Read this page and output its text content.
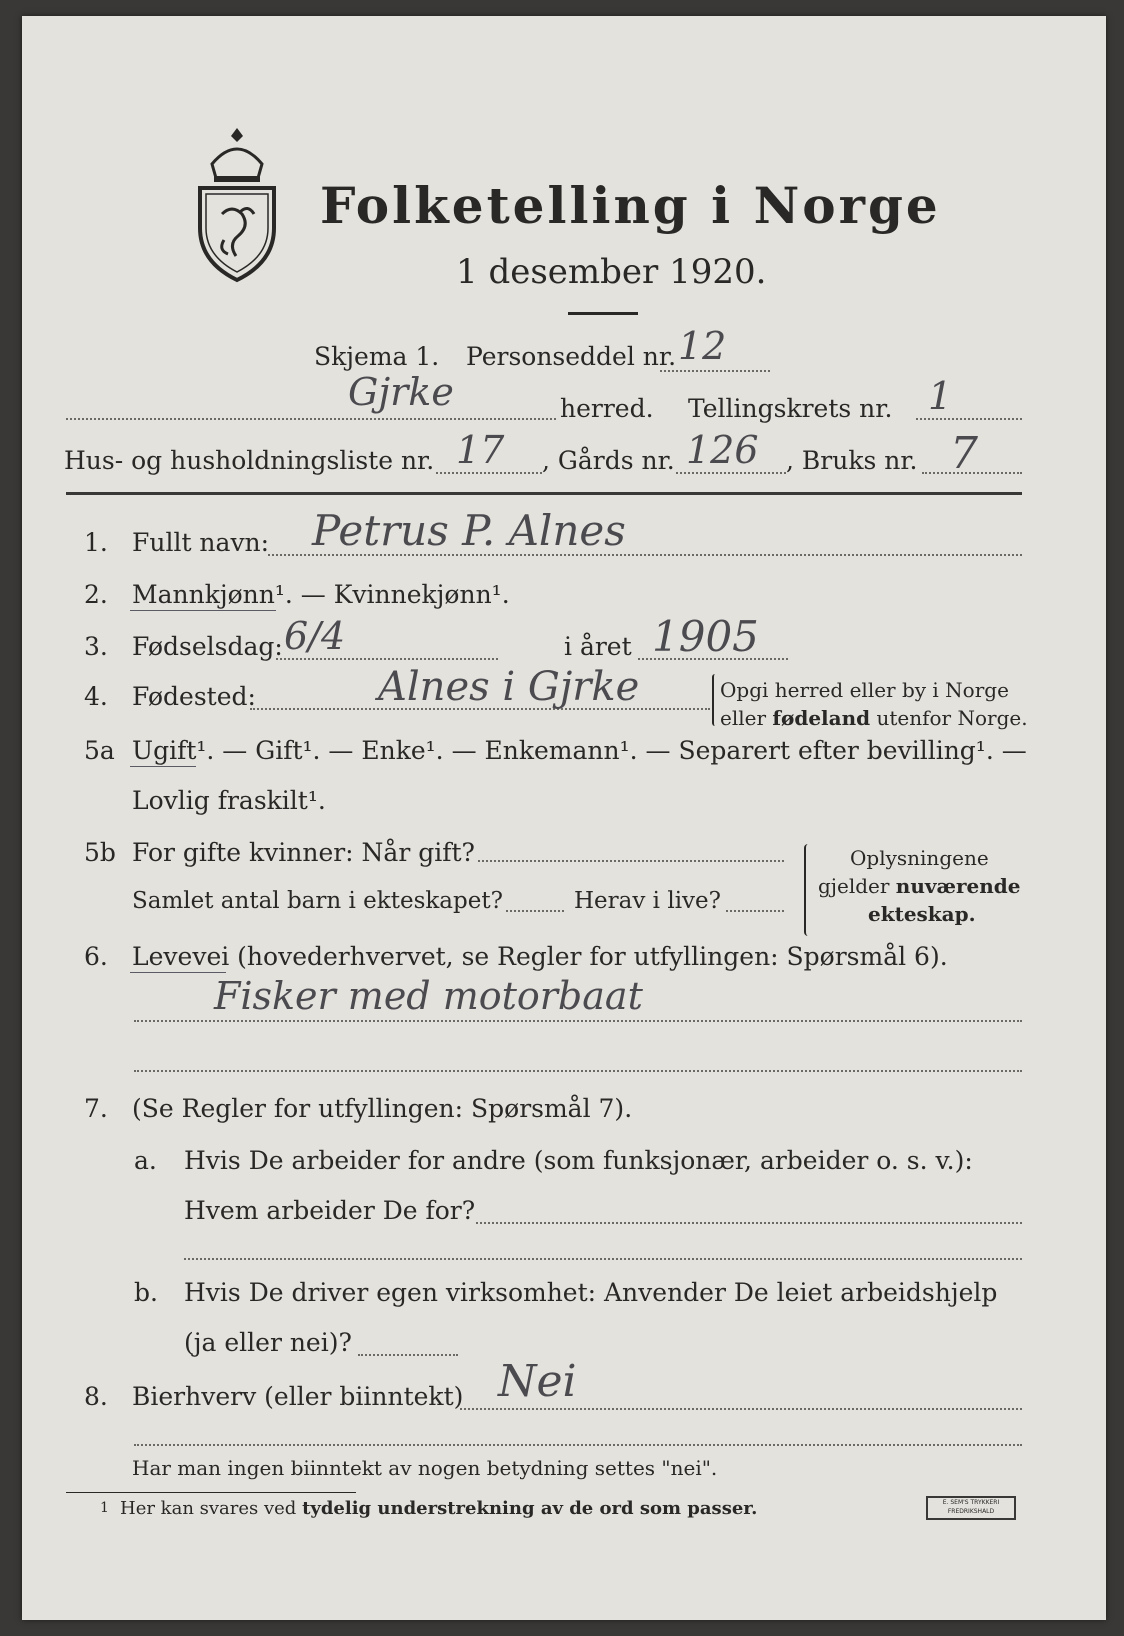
Folketelling i Norge
1 desember 1920.
Skjema 1. Personseddel nr. 12
Gjrke	herred. Tellingskrets nr. 1
Hus- og husholdningsliste nr. 17 , Gårds nr. 126 , Bruks nr. 7
1. Fullt navn: Petrus P. Alnes
2. Mannkjønn¹. — Kvinnekjønn¹.
3. Fødselsdag: 6/4	i året 1905
4. Fødested:	Alnes i Gjrke	Opgi herred eller by i Norge
eller fødeland utenfor Norge.
5a Ugift¹. — Gift¹. — Enke¹. — Enkemann¹. — Separert efter bevilling¹. —
Lovlig fraskilt¹.
5b For gifte kvinner: Når gift?
Samlet antal barn i ekteskapet?	Herav i live?
Oplysningene
gjelder nuværende
ekteskap.
6. Levevei (hovederhvervet, se Regler for utfyllingen: Spørsmål 6).
Fisker med motorbaat
7. (Se Regler for utfyllingen: Spørsmål 7).
a. Hvis De arbeider for andre (som funksjonær, arbeider o. s. v.):
Hvem arbeider De for?
b. Hvis De driver egen virksomhet: Anvender De leiet arbeidshjelp
(ja eller nei)?
8. Bierhverv (eller biinntekt) Nei
Har man ingen biinntekt av nogen betydning settes "nei".
1 Her kan svares ved tydelig understrekning av de ord som passer.	E. SEM'S TRYKKERI FREDRIKSHALD
